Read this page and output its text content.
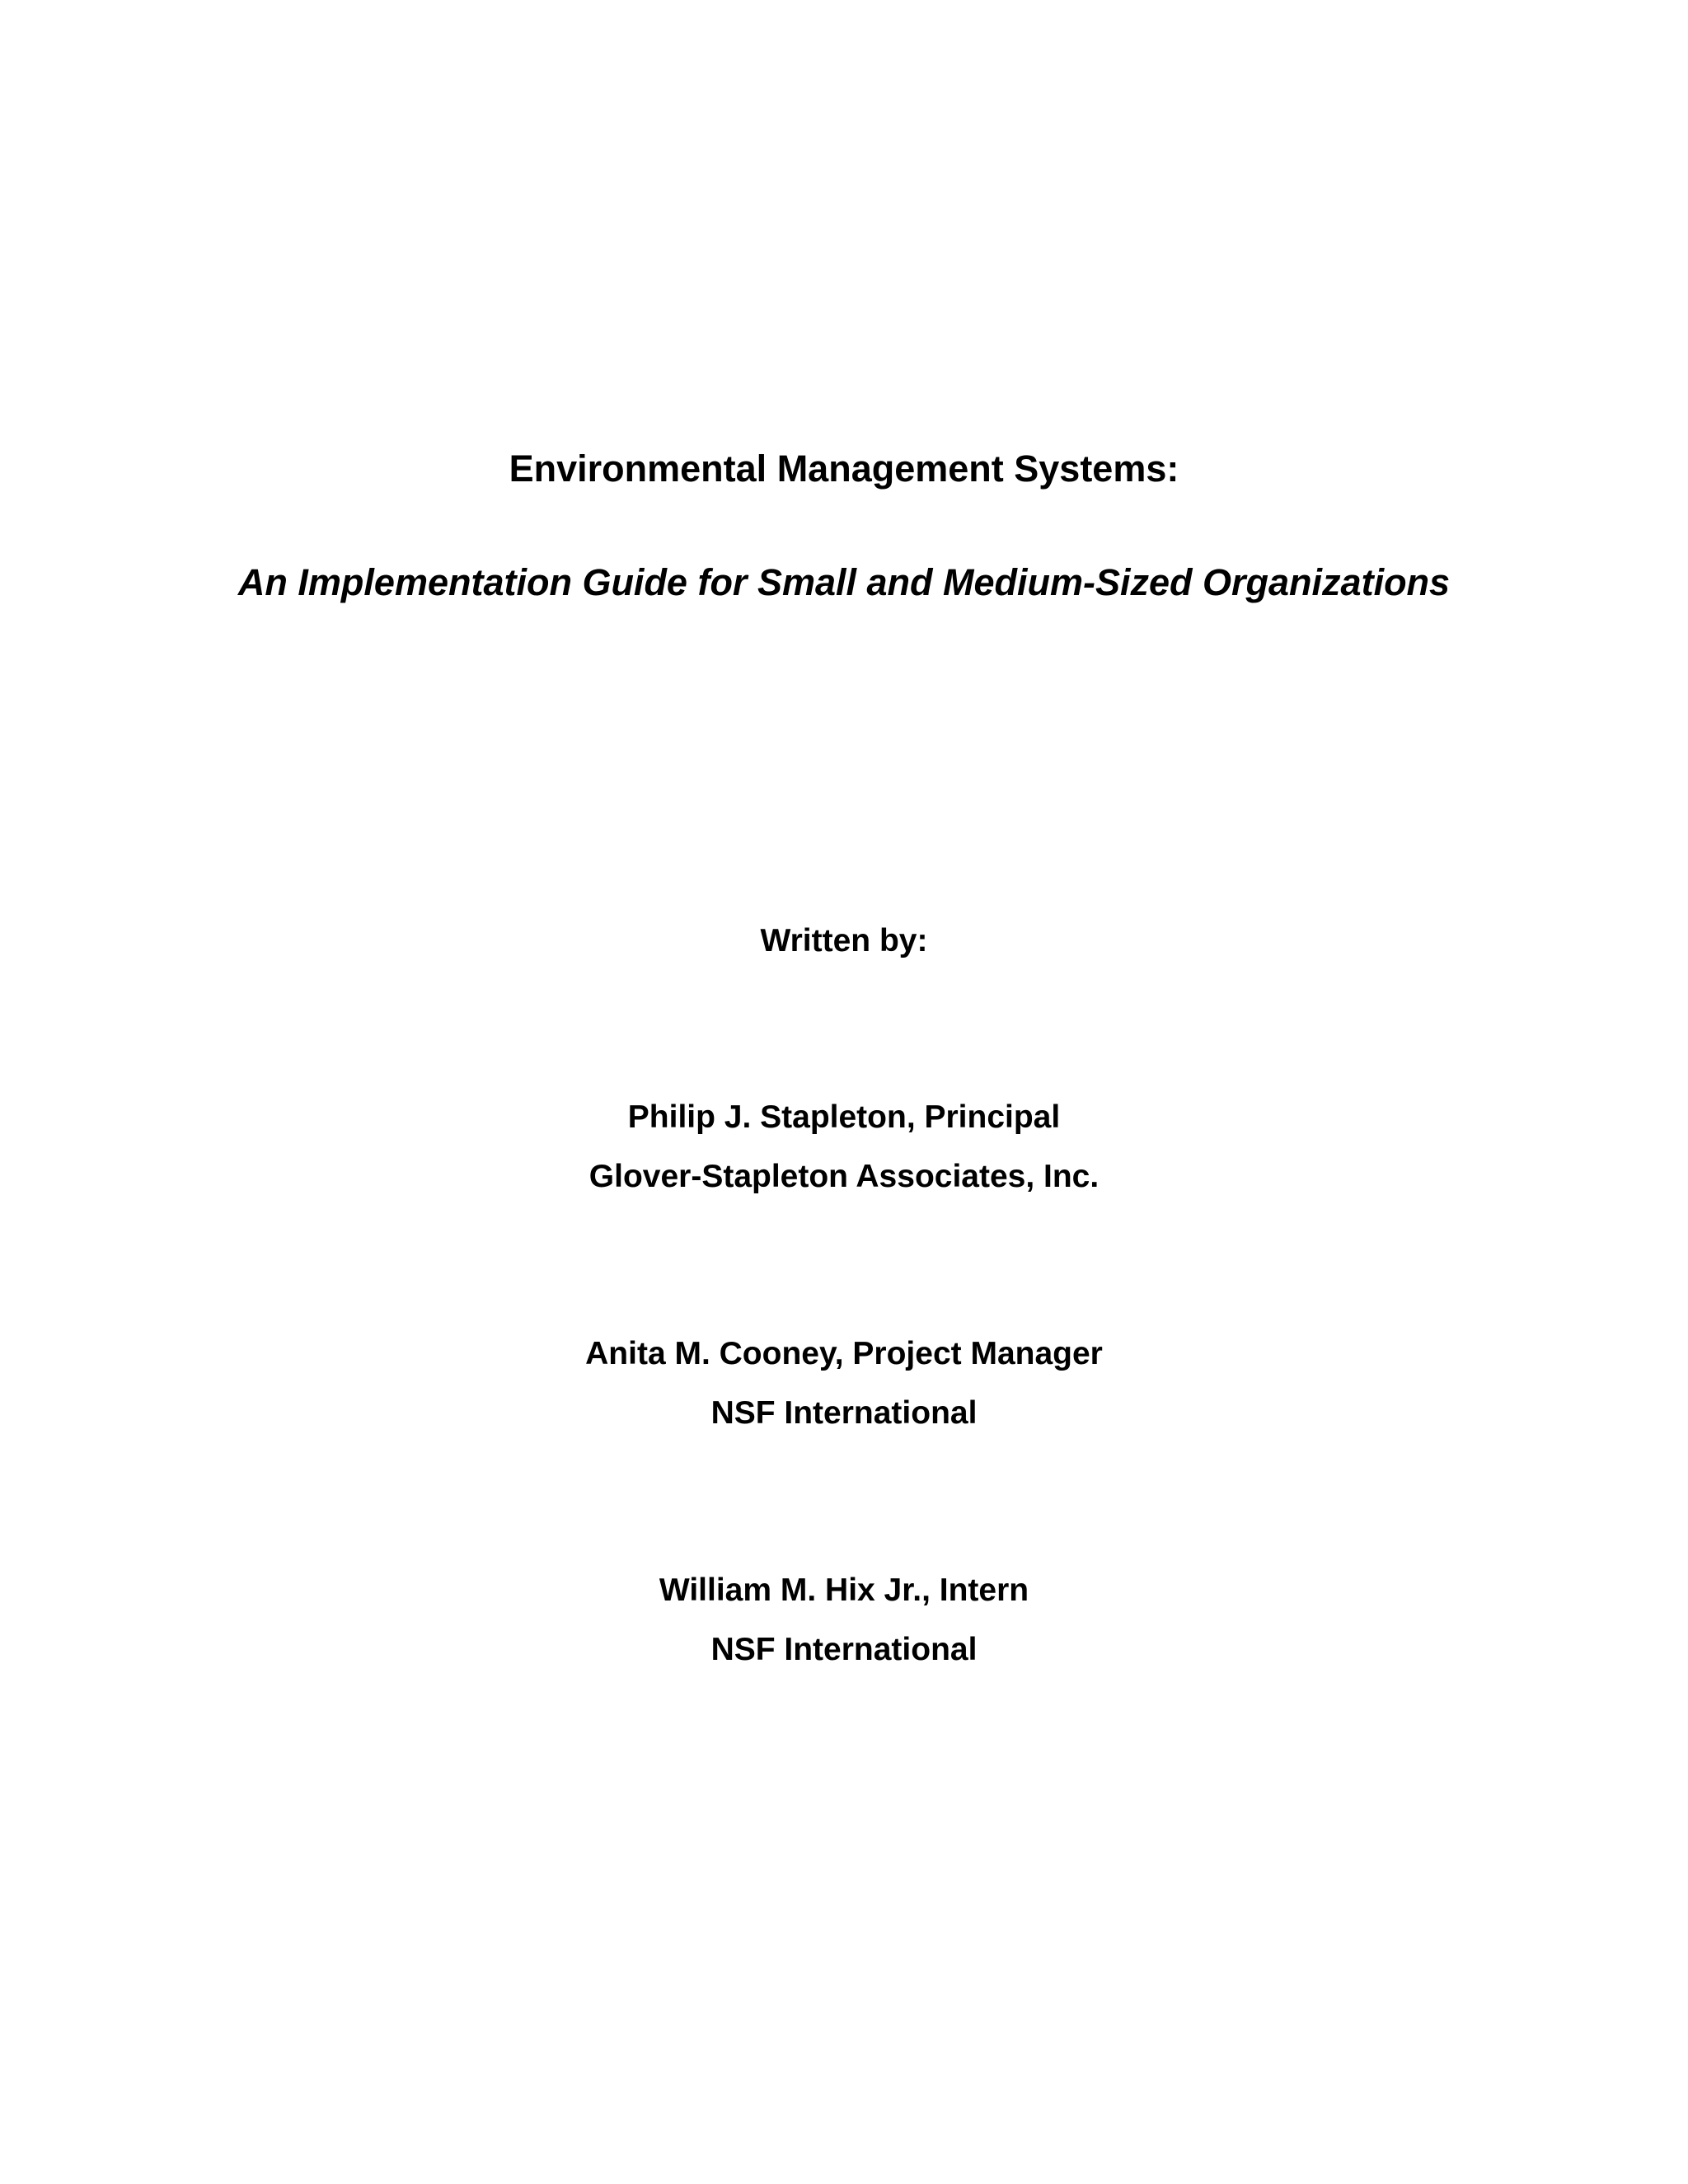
Environmental Management Systems:
An Implementation Guide for Small and Medium-Sized Organizations
Written by:
Philip J. Stapleton, Principal
Glover-Stapleton Associates, Inc.
Anita M. Cooney, Project Manager
NSF International
William M. Hix Jr., Intern
NSF International
